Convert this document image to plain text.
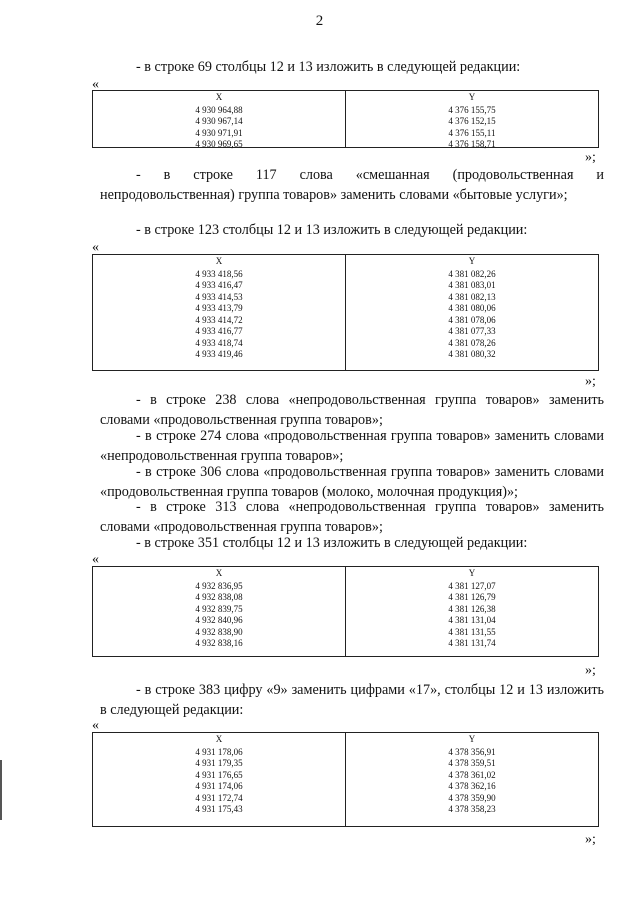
2
- в строке 69 столбцы 12 и 13 изложить в следующей редакции:
«
X
4 930 964,88
4 930 967,14
4 930 971,91
4 930 969,65
Y
4 376 155,75
4 376 152,15
4 376 155,11
4 376 158,71
»;
- в строке 117 слова «смешанная (продовольственная и непродовольственная) группа товаров» заменить словами «бытовые услуги»;
- в строке 123 столбцы 12 и 13 изложить в следующей редакции:
«
X
4 933 418,56
4 933 416,47
4 933 414,53
4 933 413,79
4 933 414,72
4 933 416,77
4 933 418,74
4 933 419,46
Y
4 381 082,26
4 381 083,01
4 381 082,13
4 381 080,06
4 381 078,06
4 381 077,33
4 381 078,26
4 381 080,32
»;
- в строке 238 слова «непродовольственная группа товаров» заменить словами «продовольственная группа товаров»;
- в строке 274 слова «продовольственная группа товаров» заменить словами «непродовольственная группа товаров»;
- в строке 306 слова «продовольственная группа товаров» заменить словами «продовольственная группа товаров (молоко, молочная продукция)»;
- в строке 313 слова «непродовольственная группа товаров» заменить словами «продовольственная группа товаров»;
- в строке 351 столбцы 12 и 13 изложить в следующей редакции:
«
X
4 932 836,95
4 932 838,08
4 932 839,75
4 932 840,96
4 932 838,90
4 932 838,16
Y
4 381 127,07
4 381 126,79
4 381 126,38
4 381 131,04
4 381 131,55
4 381 131,74
»;
- в строке 383 цифру «9» заменить цифрами «17», столбцы 12 и 13 изложить в следующей редакции:
«
X
4 931 178,06
4 931 179,35
4 931 176,65
4 931 174,06
4 931 172,74
4 931 175,43
Y
4 378 356,91
4 378 359,51
4 378 361,02
4 378 362,16
4 378 359,90
4 378 358,23
»;
